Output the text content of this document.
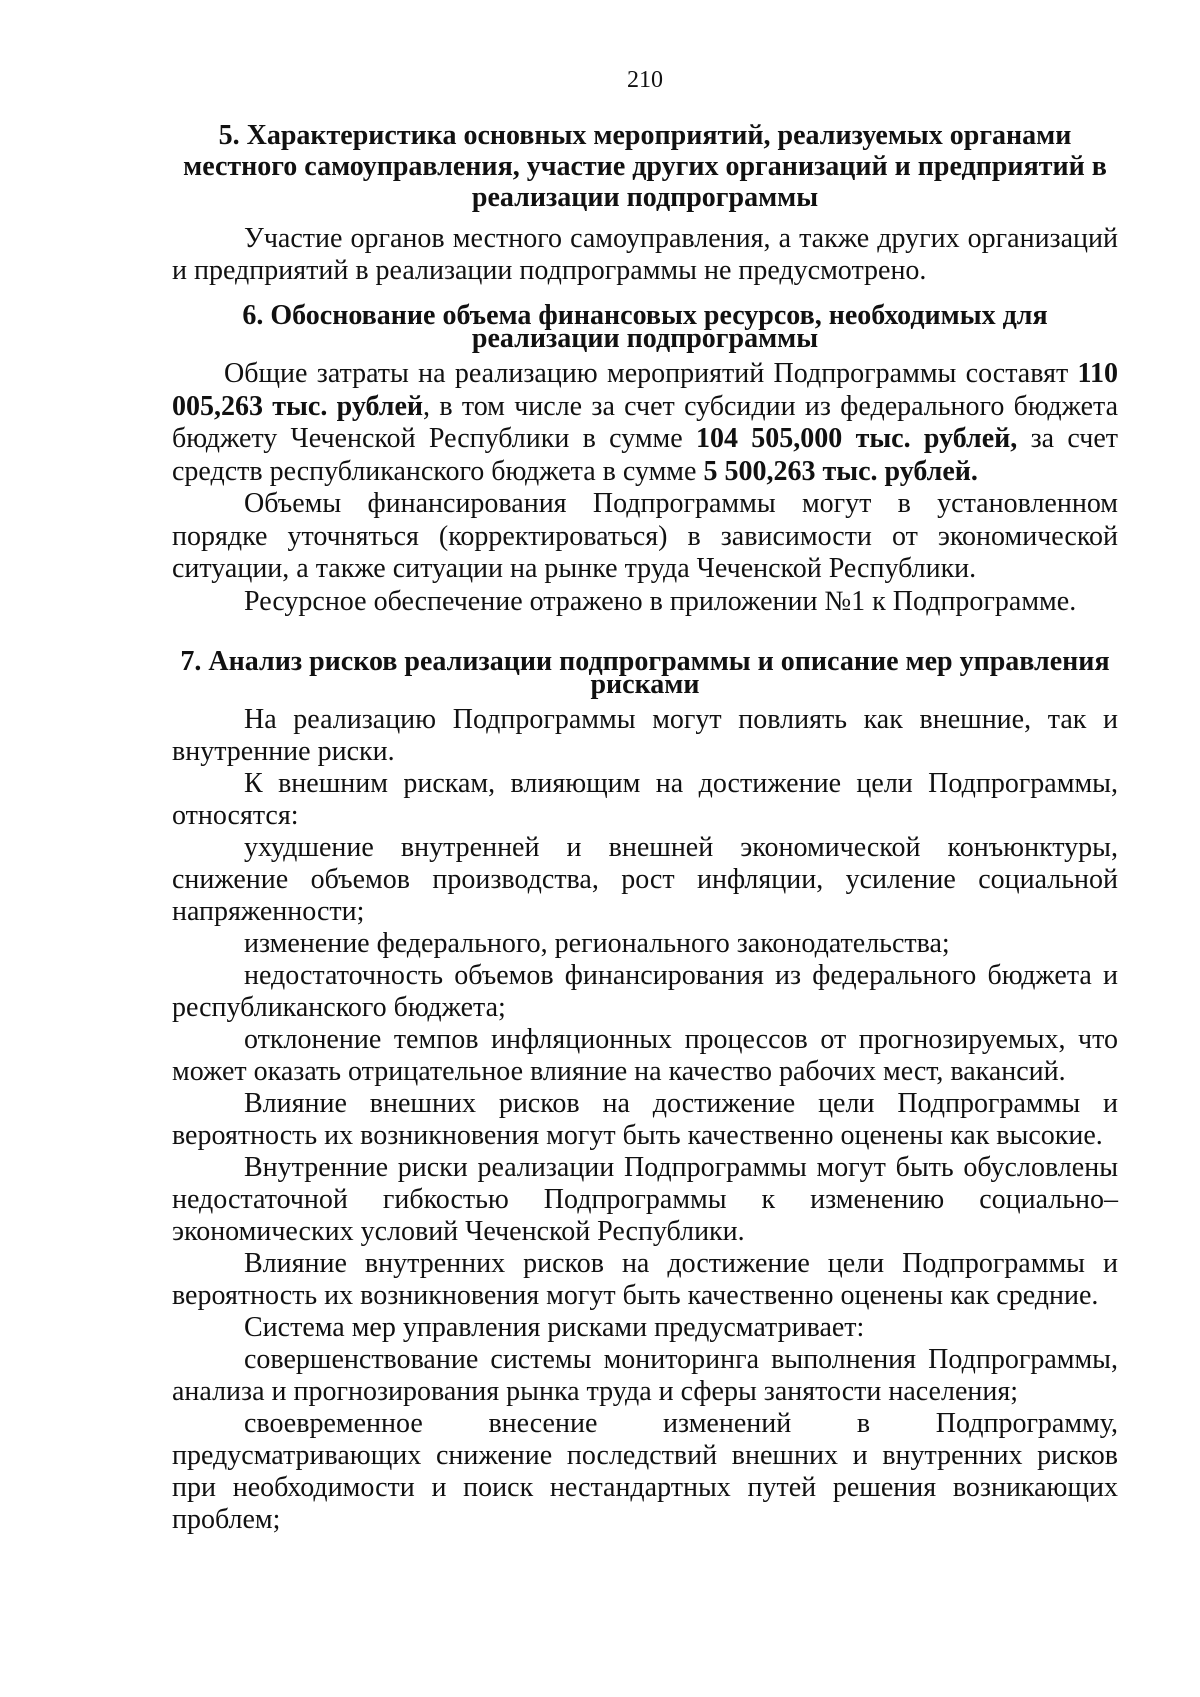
210
5. Характеристика основных мероприятий, реализуемых органами местного самоуправления, участие других организаций и предприятий в реализации подпрограммы

Участие органов местного самоуправления, а также других организаций и предприятий в реализации подпрограммы не предусмотрено.

6. Обоснование объема финансовых ресурсов, необходимых для реализации подпрограммы

Общие затраты на реализацию мероприятий Подпрограммы составят 110 005,263 тыс. рублей, в том числе за счет субсидии из федерального бюджета бюджету Чеченской Республики в сумме 104 505,000 тыс. рублей, за счет средств республиканского бюджета в сумме 5 500,263 тыс. рублей.

Объемы финансирования Подпрограммы могут в установленном порядке уточняться (корректироваться) в зависимости от экономической ситуации, а также ситуации на рынке труда Чеченской Республики.

Ресурсное обеспечение отражено в приложении №1 к Подпрограмме.

7. Анализ рисков реализации подпрограммы и описание мер управления рисками

На реализацию Подпрограммы могут повлиять как внешние, так и внутренние риски.

К внешним рискам, влияющим на достижение цели Подпрограммы, относятся:

ухудшение внутренней и внешней экономической конъюнктуры, снижение объемов производства, рост инфляции, усиление социальной напряженности;

изменение федерального, регионального законодательства;

недостаточность объемов финансирования из федерального бюджета и республиканского бюджета;

отклонение темпов инфляционных процессов от прогнозируемых, что может оказать отрицательное влияние на качество рабочих мест, вакансий.

Влияние внешних рисков на достижение цели Подпрограммы и вероятность их возникновения могут быть качественно оценены как высокие.

Внутренние риски реализации Подпрограммы могут быть обусловлены недостаточной гибкостью Подпрограммы к изменению социально–экономических условий Чеченской Республики.

Влияние внутренних рисков на достижение цели Подпрограммы и вероятность их возникновения могут быть качественно оценены как средние.

Система мер управления рисками предусматривает:

совершенствование системы мониторинга выполнения Подпрограммы, анализа и прогнозирования рынка труда и сферы занятости населения;

своевременное внесение изменений в Подпрограмму, предусматривающих снижение последствий внешних и внутренних рисков при необходимости и поиск нестандартных путей решения возникающих проблем;
